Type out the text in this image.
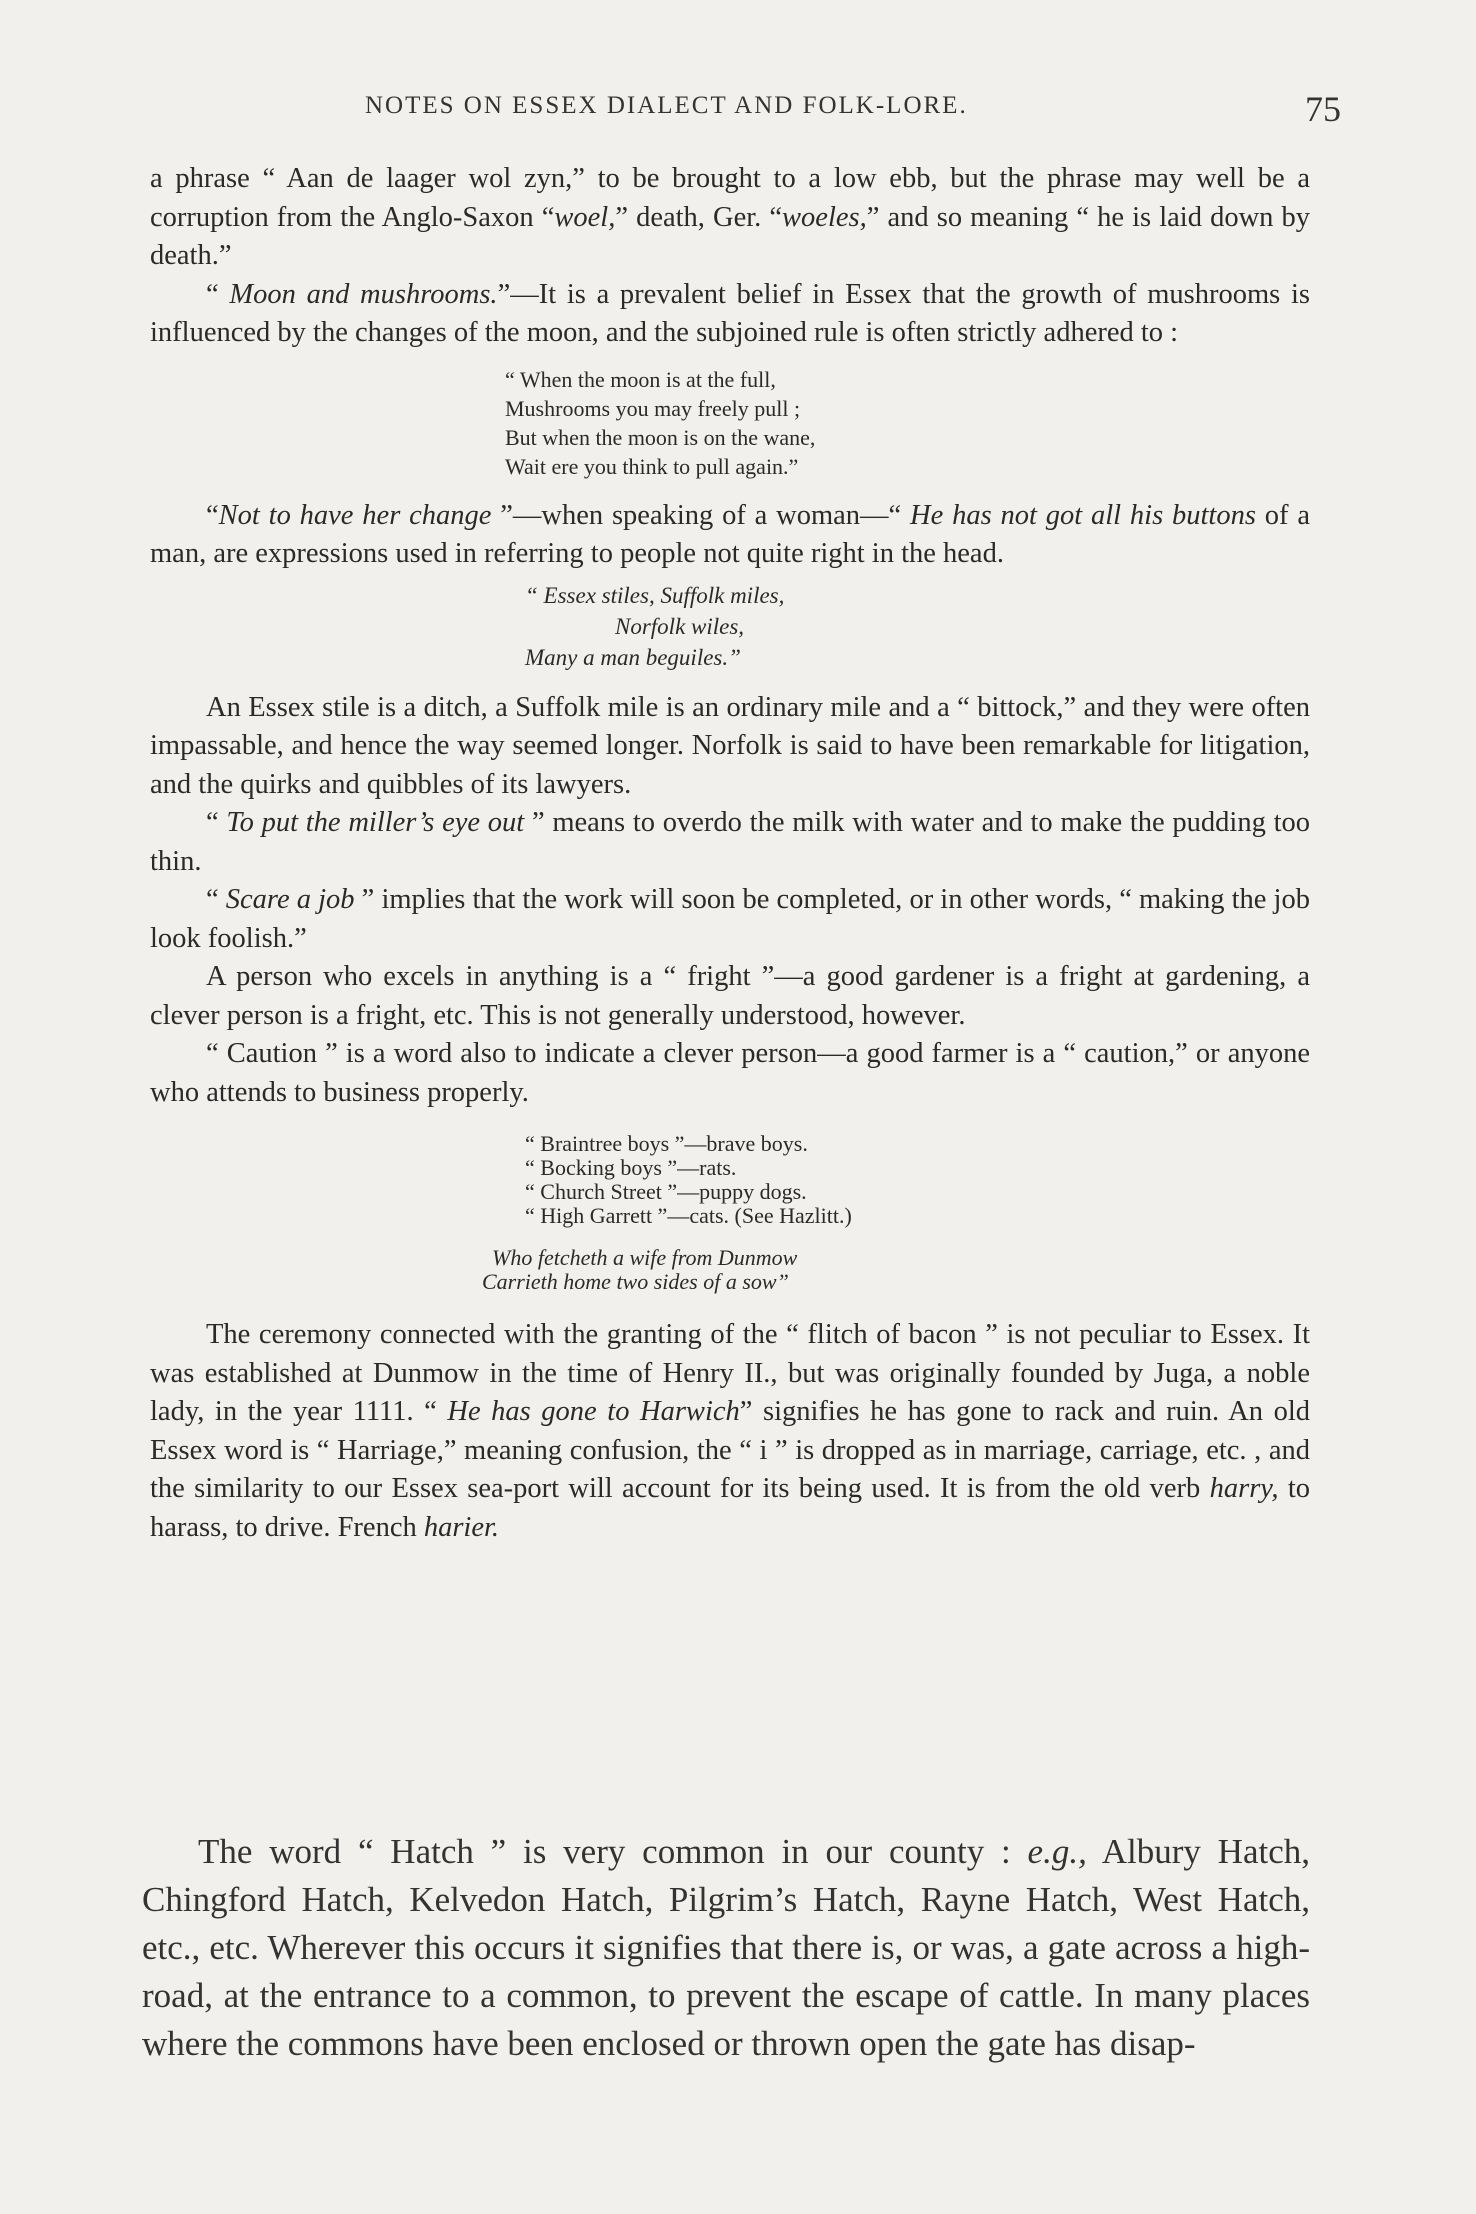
NOTES ON ESSEX DIALECT AND FOLK-LORE.	75

a phrase “ Aan de laager wol zyn,” to be brought to a low ebb, but the phrase may well be a corruption from the Anglo-Saxon “woel,” death, Ger. “woeles,” and so meaning “ he is laid down by death.”

“ Moon and mushrooms.”—It is a prevalent belief in Essex that the growth of mushrooms is influenced by the changes of the moon, and the subjoined rule is often strictly adhered to :

“ When the moon is at the full,
Mushrooms you may freely pull ;
But when the moon is on the wane,
Wait ere you think to pull again.”

“Not to have her change ”—when speaking of a woman—“ He has not got all his buttons of a man, are expressions used in referring to people not quite right in the head.

“ Essex stiles, Suffolk miles,
Norfolk wiles,
Many a man beguiles.”

An Essex stile is a ditch, a Suffolk mile is an ordinary mile and a “ bittock,” and they were often impassable, and hence the way seemed longer. Norfolk is said to have been remarkable for litigation, and the quirks and quibbles of its lawyers.

“ To put the miller’s eye out ” means to overdo the milk with water and to make the pudding too thin.

“ Scare a job ” implies that the work will soon be completed, or in other words, “ making the job look foolish.”

A person who excels in anything is a “ fright ”—a good gardener is a fright at gardening, a clever person is a fright, etc. This is not generally understood, however.

“ Caution ” is a word also to indicate a clever person—a good farmer is a “ caution,” or anyone who attends to business properly.

“ Braintree boys ”—brave boys.
“ Bocking boys ”—rats.
“ Church Street ”—puppy dogs.
“ High Garrett ”—cats. (See Hazlitt.)
Who fetcheth a wife from Dunmow
Carrieth home two sides of a sow”

The ceremony connected with the granting of the “ flitch of bacon ” is not peculiar to Essex. It was established at Dunmow in the time of Henry II., but was originally founded by Juga, a noble lady, in the year 1111. “ He has gone to Harwich” signifies he has gone to rack and ruin. An old Essex word is “ Harriage,” meaning confusion, the “ i ” is dropped as in marriage, carriage, etc. , and the similarity to our Essex sea-port will account for its being used. It is from the old verb harry, to harass, to drive. French harier.

The word “ Hatch ” is very common in our county : e.g., Albury Hatch, Chingford Hatch, Kelvedon Hatch, Pilgrim’s Hatch, Rayne Hatch, West Hatch, etc., etc. Wherever this occurs it signifies that there is, or was, a gate across a high-road, at the entrance to a common, to prevent the escape of cattle. In many places where the commons have been enclosed or thrown open the gate has disap-
